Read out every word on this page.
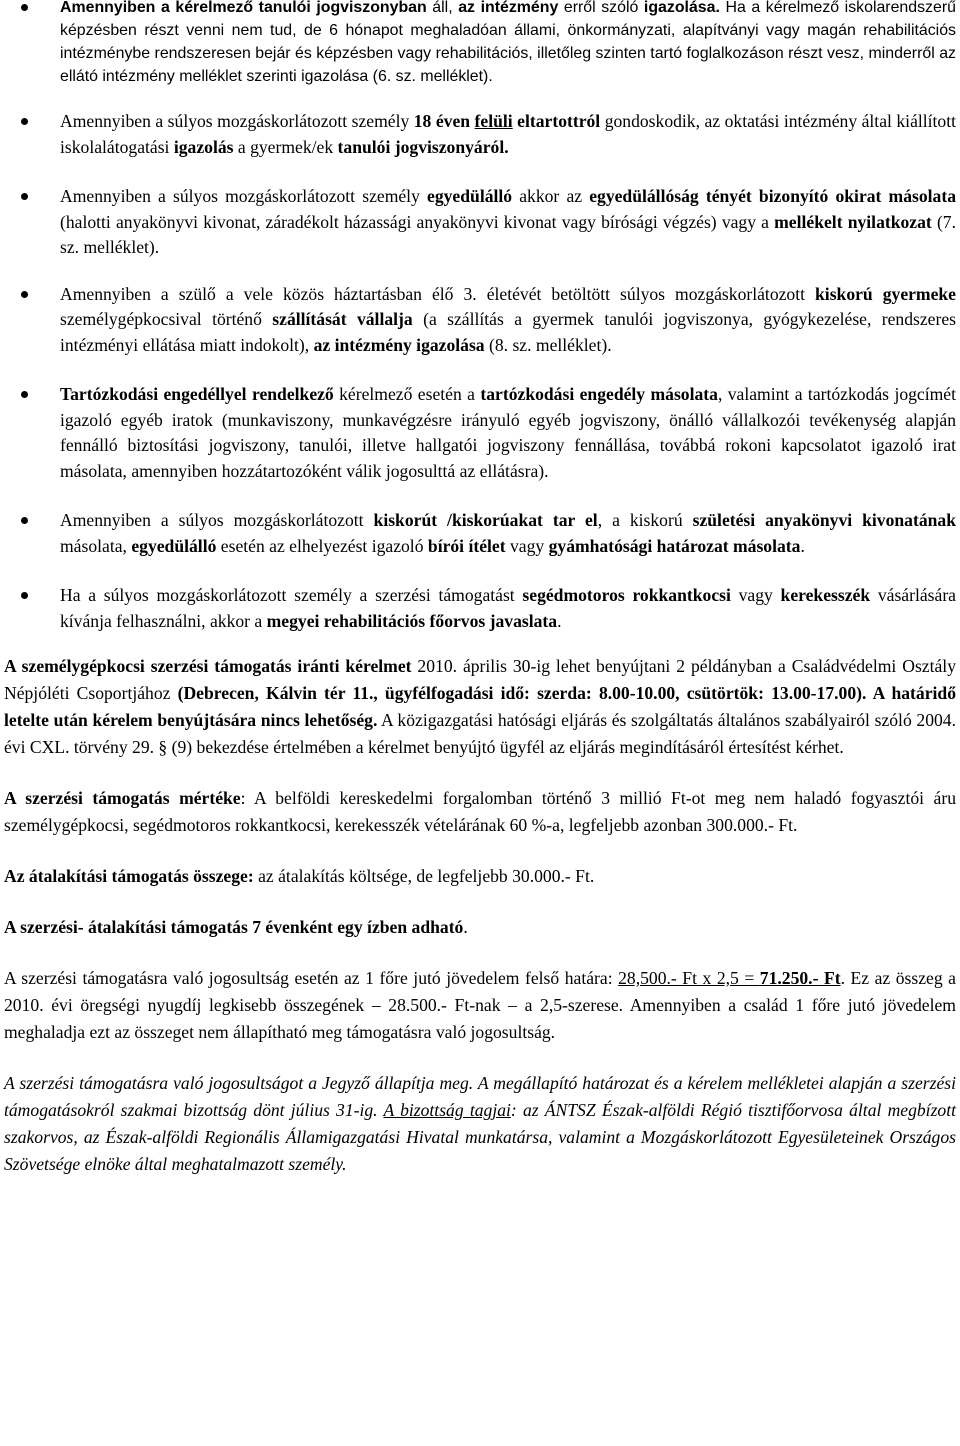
Amennyiben a kérelmező tanulói jogviszonyban áll, az intézmény erről szóló igazolása. Ha a kérelmező iskolarendszerű képzésben részt venni nem tud, de 6 hónapot meghaladóan állami, önkormányzati, alapítványi vagy magán rehabilitációs intézménybe rendszeresen bejár és képzésben vagy rehabilitációs, illetőleg szinten tartó foglalkozáson részt vesz, minderről az ellátó intézmény melléklet szerinti igazolása (6. sz. melléklet).
Amennyiben a súlyos mozgáskorlátozott személy 18 éven felüli eltartottról gondoskodik, az oktatási intézmény által kiállított iskolalátogatási igazolás a gyermek/ek tanulói jogviszonyáról.
Amennyiben a súlyos mozgáskorlátozott személy egyedülálló akkor az egyedülállóság tényét bizonyító okirat másolata (halotti anyakönyvi kivonat, záradékolt házassági anyakönyvi kivonat vagy bírósági végzés) vagy a mellékelt nyilatkozat (7. sz. melléklet).
Amennyiben a szülő a vele közös háztartásban élő 3. életévét betöltött súlyos mozgáskorlátozott kiskorú gyermeke személygépkocsival történő szállítását vállalja (a szállítás a gyermek tanulói jogviszonya, gyógykezelése, rendszeres intézményi ellátása miatt indokolt), az intézmény igazolása (8. sz. melléklet).
Tartózkodási engedéllyel rendelkező kérelmező esetén a tartózkodási engedély másolata, valamint a tartózkodás jogcímét igazoló egyéb iratok (munkaviszony, munkavégzésre irányuló egyéb jogviszony, önálló vállalkozói tevékenység alapján fennálló biztosítási jogviszony, tanulói, illetve hallgatói jogviszony fennállása, továbbá rokoni kapcsolatot igazoló irat másolata, amennyiben hozzátartozóként válik jogosulttá az ellátásra).
Amennyiben a súlyos mozgáskorlátozott kiskorút /kiskorúakat tar el, a kiskorú születési anyakönyvi kivonatának másolata, egyedülálló esetén az elhelyezést igazoló bírói ítélet vagy gyámhatósági határozat másolata.
Ha a súlyos mozgáskorlátozott személy a szerzési támogatást segédmotoros rokkantkocsi vagy kerekesszék vásárlására kívánja felhasználni, akkor a megyei rehabilitációs főorvos javaslata.

A személygépkocsi szerzési támogatás iránti kérelmet 2010. április 30-ig lehet benyújtani 2 példányban a Családvédelmi Osztály Népjóléti Csoportjához (Debrecen, Kálvin tér 11., ügyfélfogadási idő: szerda: 8.00-10.00, csütörtök: 13.00-17.00). A határidő letelte után kérelem benyújtására nincs lehetőség. A közigazgatási hatósági eljárás és szolgáltatás általános szabályairól szóló 2004. évi CXL. törvény 29. § (9) bekezdése értelmében a kérelmet benyújtó ügyfél az eljárás megindításáról értesítést kérhet.

A szerzési támogatás mértéke: A belföldi kereskedelmi forgalomban történő 3 millió Ft-ot meg nem haladó fogyasztói áru személygépkocsi, segédmotoros rokkantkocsi, kerekesszék vételárának 60 %-a, legfeljebb azonban 300.000.- Ft.

Az átalakítási támogatás összege: az átalakítás költsége, de legfeljebb 30.000.- Ft.

A szerzési- átalakítási támogatás 7 évenként egy ízben adható.

A szerzési támogatásra való jogosultság esetén az 1 főre jutó jövedelem felső határa: 28,500.- Ft x 2,5 = 71.250.- Ft. Ez az összeg a 2010. évi öregségi nyugdíj legkisebb összegének – 28.500.- Ft-nak – a 2,5-szerese. Amennyiben a család 1 főre jutó jövedelem meghaladja ezt az összeget nem állapítható meg támogatásra való jogosultság.

A szerzési támogatásra való jogosultságot a Jegyző állapítja meg. A megállapító határozat és a kérelem mellékletei alapján a szerzési támogatásokról szakmai bizottság dönt július 31-ig. A bizottság tagjai: az ÁNTSZ Észak-alföldi Régió tisztifőorvosa által megbízott szakorvos, az Észak-alföldi Regionális Államigazgatási Hivatal munkatársa, valamint a Mozgáskorlátozott Egyesületeinek Országos Szövetsége elnöke által meghatalmazott személy.
